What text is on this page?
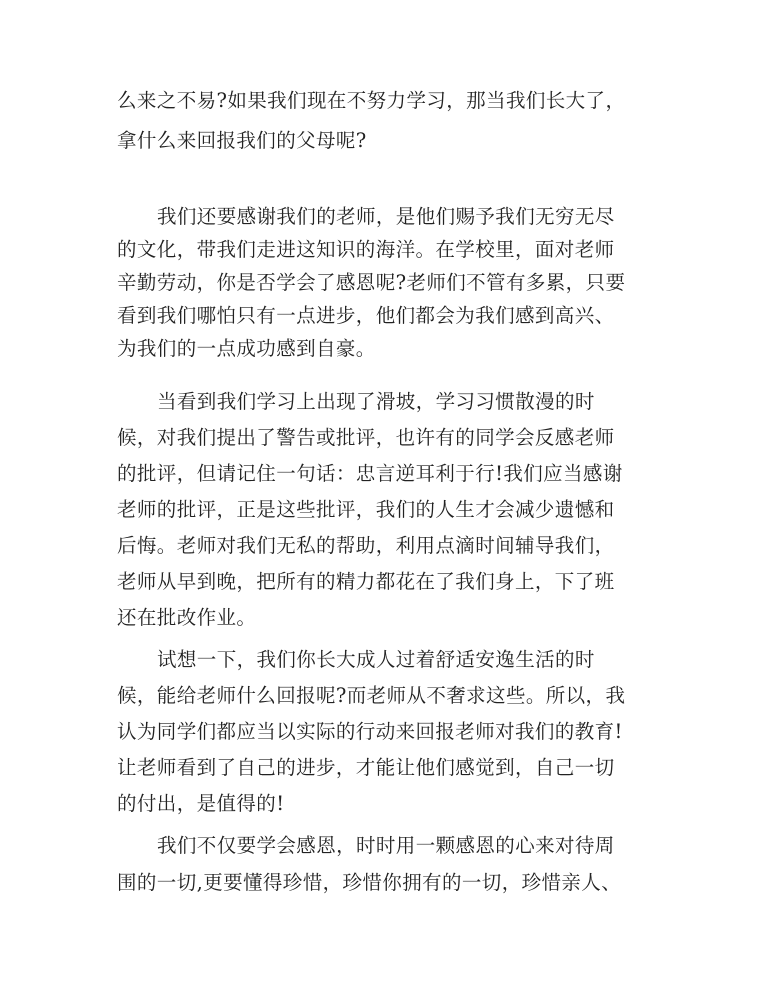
么来之不易?如果我们现在不努力学习，那当我们长大了，
拿什么来回报我们的父母呢?
我们还要感谢我们的老师，是他们赐予我们无穷无尽
的文化，带我们走进这知识的海洋。在学校里，面对老师
辛勤劳动，你是否学会了感恩呢?老师们不管有多累，只要
看到我们哪怕只有一点进步，他们都会为我们感到高兴、
为我们的一点成功感到自豪。
当看到我们学习上出现了滑坡，学习习惯散漫的时
候，对我们提出了警告或批评，也许有的同学会反感老师
的批评，但请记住一句话：忠言逆耳利于行!我们应当感谢
老师的批评，正是这些批评，我们的人生才会减少遗憾和
后悔。老师对我们无私的帮助，利用点滴时间辅导我们，
老师从早到晚，把所有的精力都花在了我们身上，下了班
还在批改作业。
试想一下，我们你长大成人过着舒适安逸生活的时
候，能给老师什么回报呢?而老师从不奢求这些。所以，我
认为同学们都应当以实际的行动来回报老师对我们的教育!
让老师看到了自己的进步，才能让他们感觉到，自己一切
的付出，是值得的!
我们不仅要学会感恩，时时用一颗感恩的心来对待周
围的一切,更要懂得珍惜，珍惜你拥有的一切，珍惜亲人、
